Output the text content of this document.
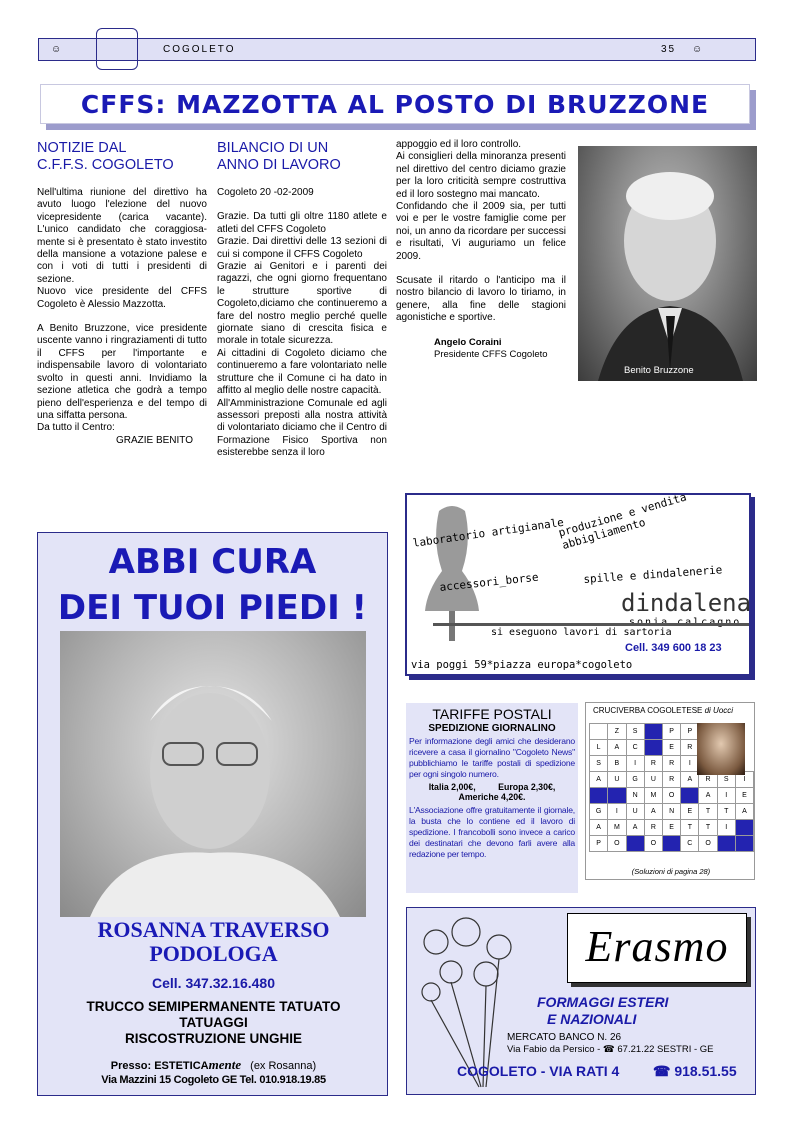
☺	COGOLETO	35 ☺
CFFS: MAZZOTTA AL POSTO DI BRUZZONE
NOTIZIE DAL
C.F.F.S. COGOLETO

Nell'ultima riunione del direttivo ha avuto luogo l'elezione del nuovo vicepresidente (carica vacante). L'unico candidato che coraggiosa- mente si è presentato è stato investito della mansione a votazione palese e con i voti di tutti i presidenti di sezione.

Nuovo vice presidente del CFFS Cogoleto è Alessio Mazzotta.

A Benito Bruzzone, vice presidente uscente vanno i ringraziamenti di tutto il CFFS per l'importante e indispensabile lavoro di volontariato svolto in questi anni. Invidiamo la sezione atletica che godrà a tempo pieno dell'esperienza e del tempo di una siffatta persona.

Da tutto il Centro:
GRAZIE BENITO
BILANCIO DI UN
ANNO DI LAVORO

Cogoleto 20 -02-2009

Grazie. Da tutti gli oltre 1180 atlete e atleti del CFFS Cogoleto
Grazie. Dai direttivi delle 13 sezioni di cui si compone il CFFS Cogoleto
Grazie ai Genitori e i parenti dei ragazzi, che ogni giorno frequentano le strutture sportive di Cogoleto,diciamo che continueremo a fare del nostro meglio perché quelle giornate siano di crescita fisica e morale in totale sicurezza.
Ai cittadini di Cogoleto diciamo che continueremo a fare volontariato nelle strutture che il Comune ci ha dato in affitto al meglio delle nostre capacità.
All'Amministrazione Comunale ed agli assessori preposti alla nostra attività di volontariato diciamo che il Centro di Formazione Fisico Sportiva non esisterebbe senza il loro
appoggio ed il loro controllo.
Ai consiglieri della minoranza presenti nel direttivo del centro diciamo grazie per la loro criticità sempre costruttiva ed il loro sostegno mai mancato.

Confidando che il 2009 sia, per tutti voi e per le vostre famiglie come per noi, un anno da ricordare per successi e risultati, Vi auguriamo un felice 2009.

Scusate il ritardo o l'anticipo ma il nostro bilancio di lavoro lo tiriamo, in genere, alla fine delle stagioni agonistiche e sportive.

Angelo Coraini
Presidente CFFS Cogoleto
Benito Bruzzone
ABBI CURA
DEI TUOI PIEDI !
ROSANNA TRAVERSO
PODOLOGA
Cell. 347.32.16.480
TRUCCO SEMIPERMANENTE TATUATO
TATUAGGI
RISCOSTRUZIONE UNGHIE
Presso: ESTETICAmente (ex Rosanna)
Via Mazzini 15 Cogoleto GE Tel. 010.918.19.85
laboratorio artigianale
produzione e vendita abbigliamento
accessori_borse	spille e dindalenerie
dindalena
si eseguono lavori di sartoria
Cell. 349 600 18 23
via poggi 59*piazza europa*cogoleto
TARIFFE POSTALI
SPEDIZIONE GIORNALINO
Per informazione degli amici che desiderano ricevere a casa il giornalino "Cogoleto News" pubblichiamo le tariffe postali di spedizione per ogni singolo numero.
Italia 2,00€,	Europa 2,30€,
Americhe 4,20€.
L'Associazione offre gratuitamente il giornale, la busta che lo contiene ed il lavoro di spedizione. I francobolli sono invece a carico dei destinatari che devono farli avere alla redazione per tempo.
CRUCIVERBA COGOLETESE di Uocci
	Z	S		P	P			
L	A	C		E	R			
S	B	I	R	R	I			
A	U	G	U	R	A	R	S	I
		N	M	O		A	I	E
G	I	U	A	N	E	T	T	A
A	M	A	R	E	T	T	I	
P	O		O		C	O		
(Soluzioni di pagina 28)
Erasmo
FORMAGGI ESTERI
E NAZIONALI
MERCATO BANCO N. 26
Via Fabio da Persico - ☎ 67.21.22 SESTRI - GE
COGOLETO - VIA RATI 4 ☎ 918.51.55
